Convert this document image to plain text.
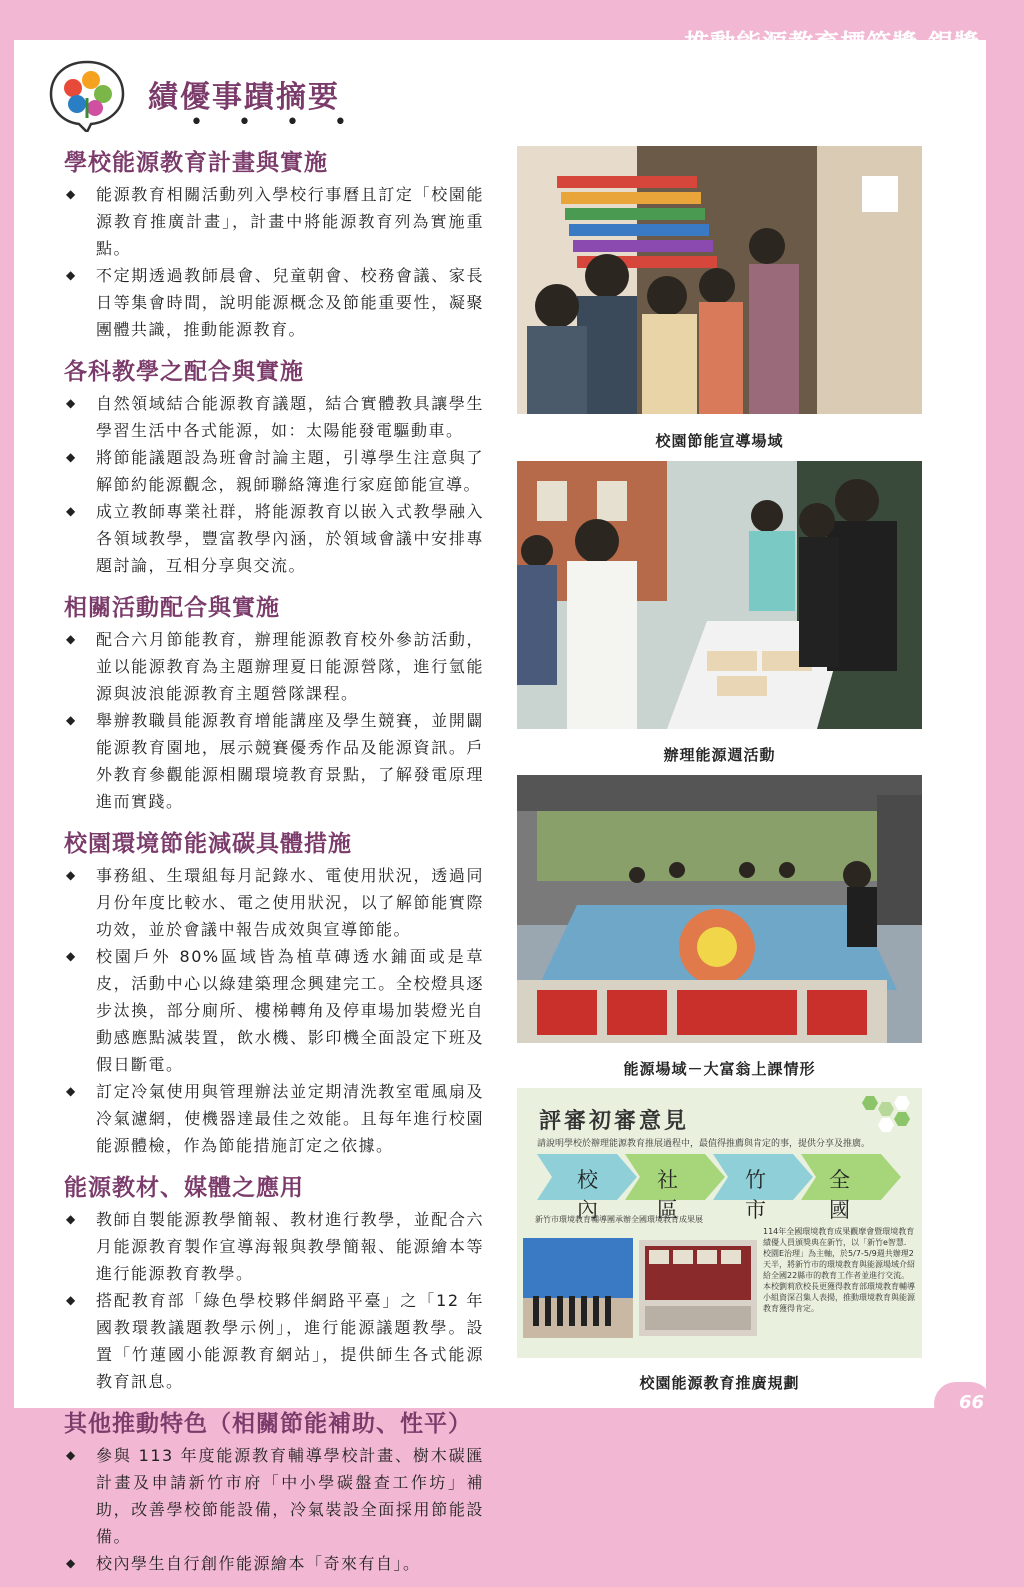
推動能源教育標竿獎 銀獎
績優事蹟摘要
• • • •
學校能源教育計畫與實施
◆ 能源教育相關活動列入學校行事曆且訂定「校園能源教育推廣計畫」，計畫中將能源教育列為實施重點。
◆ 不定期透過教師晨會、兒童朝會、校務會議、家長日等集會時間，說明能源概念及節能重要性，凝聚團體共識，推動能源教育。
各科教學之配合與實施
◆ 自然領域結合能源教育議題，結合實體教具讓學生學習生活中各式能源，如：太陽能發電驅動車。
◆ 將節能議題設為班會討論主題，引導學生注意與了解節約能源觀念，親師聯絡簿進行家庭節能宣導。
◆ 成立教師專業社群，將能源教育以嵌入式教學融入各領域教學，豐富教學內涵，於領域會議中安排專題討論，互相分享與交流。
相關活動配合與實施
◆ 配合六月節能教育，辦理能源教育校外參訪活動，並以能源教育為主題辦理夏日能源營隊，進行氫能源與波浪能源教育主題營隊課程。
◆ 舉辦教職員能源教育增能講座及學生競賽，並開闢能源教育園地，展示競賽優秀作品及能源資訊。戶外教育參觀能源相關環境教育景點，了解發電原理進而實踐。
校園環境節能減碳具體措施
◆ 事務組、生環組每月記錄水、電使用狀況，透過同月份年度比較水、電之使用狀況，以了解節能實際功效，並於會議中報告成效與宣導節能。
◆ 校園戶外 80%區域皆為植草磚透水鋪面或是草皮，活動中心以綠建築理念興建完工。全校燈具逐步汰換，部分廁所、樓梯轉角及停車場加裝燈光自動感應點滅裝置，飲水機、影印機全面設定下班及假日斷電。
◆ 訂定冷氣使用與管理辦法並定期清洗教室電風扇及冷氣濾網，使機器達最佳之效能。且每年進行校園能源體檢，作為節能措施訂定之依據。
能源教材、媒體之應用
◆ 教師自製能源教學簡報、教材進行教學，並配合六月能源教育製作宣導海報與教學簡報、能源繪本等進行能源教育教學。
◆ 搭配教育部「綠色學校夥伴網路平臺」之「12 年國教環教議題教學示例」，進行能源議題教學。設置「竹蓮國小能源教育網站」，提供師生各式能源教育訊息。
其他推動特色（相關節能補助、性平）
◆ 參與 113 年度能源教育輔導學校計畫、樹木碳匯計畫及申請新竹市府「中小學碳盤查工作坊」補助，改善學校節能設備，冷氣裝設全面採用節能設備。
◆ 校內學生自行創作能源繪本「奇來有自」。
校園節能宣導場域
辦理能源週活動
能源場域－大富翁上課情形
評審初審意見
請說明學校於辦理能源教育推展過程中，最值得推薦與肯定的事，提供分享及推廣。
校內
社區
竹市
全國
新竹市環境教育輔導團承辦全國環境教育成果展
114年全國環境教育成果觀摩會暨環境教育績優人員頒獎典在新竹，以「新竹e智慧．校園E治理」為主軸，於5/7-5/9週共辦理2天半，將新竹市的環境教育與能源場域介紹給全國22縣市的教育工作者並進行交流。本校劉莉欣校長更獲得教育部環境教育輔導小組資深召集人表揚，推動環境教育與能源教育獲得肯定。
校園能源教育推廣規劃
66
